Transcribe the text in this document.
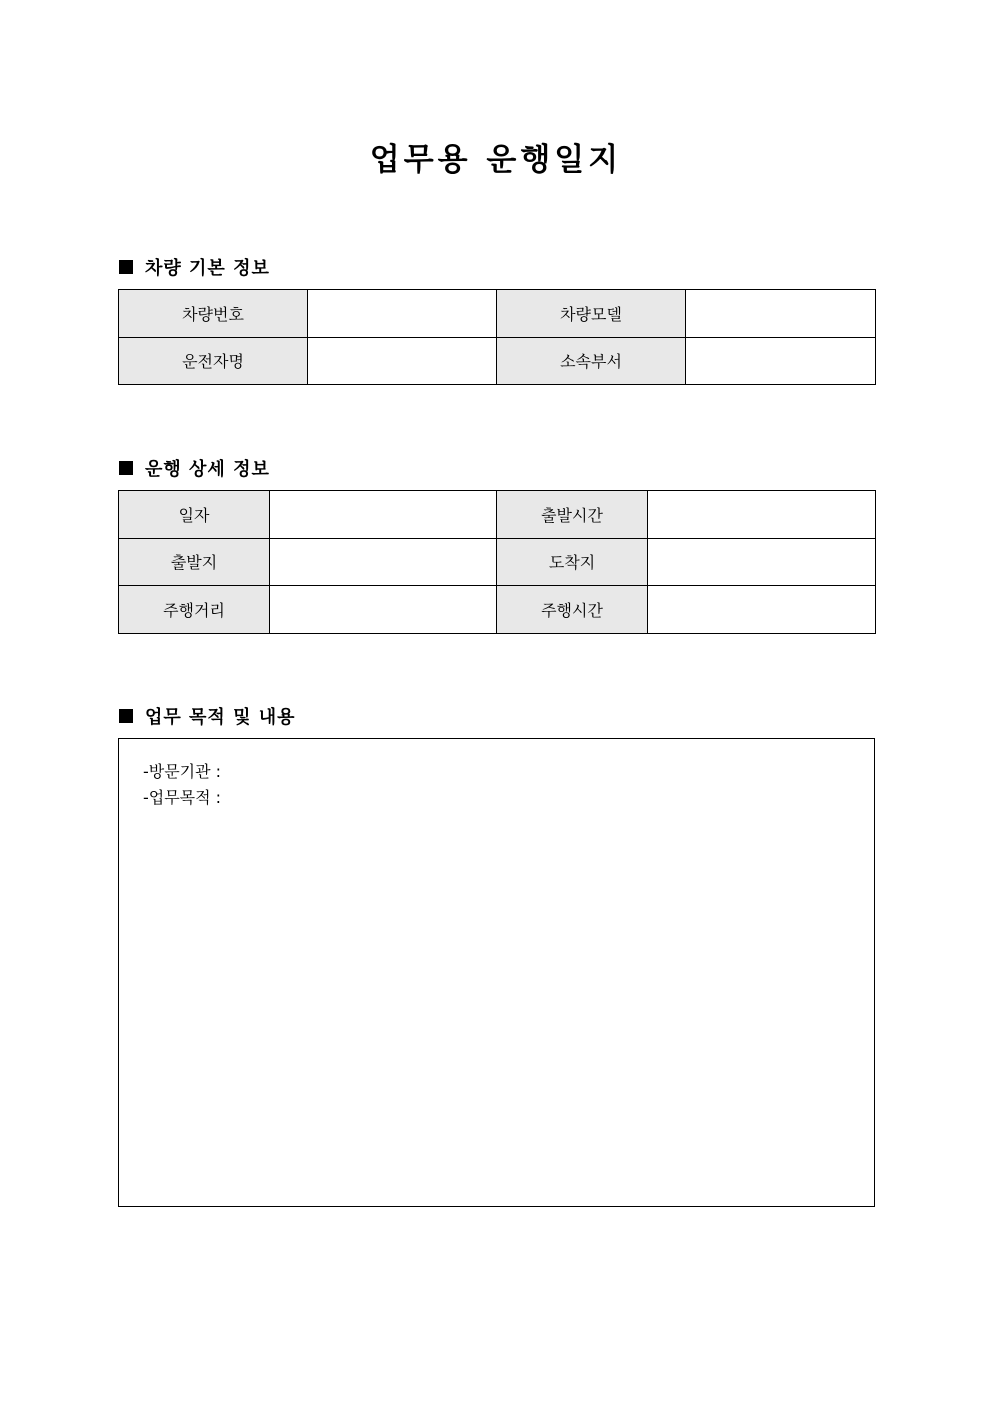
업무용 운행일지
차량 기본 정보
차량번호		차량모델	
운전자명		소속부서	
운행 상세 정보
일자		출발시간	
출발지		도착지	
주행거리		주행시간	
업무 목적 및 내용
-방문기관 :
-업무목적 :
